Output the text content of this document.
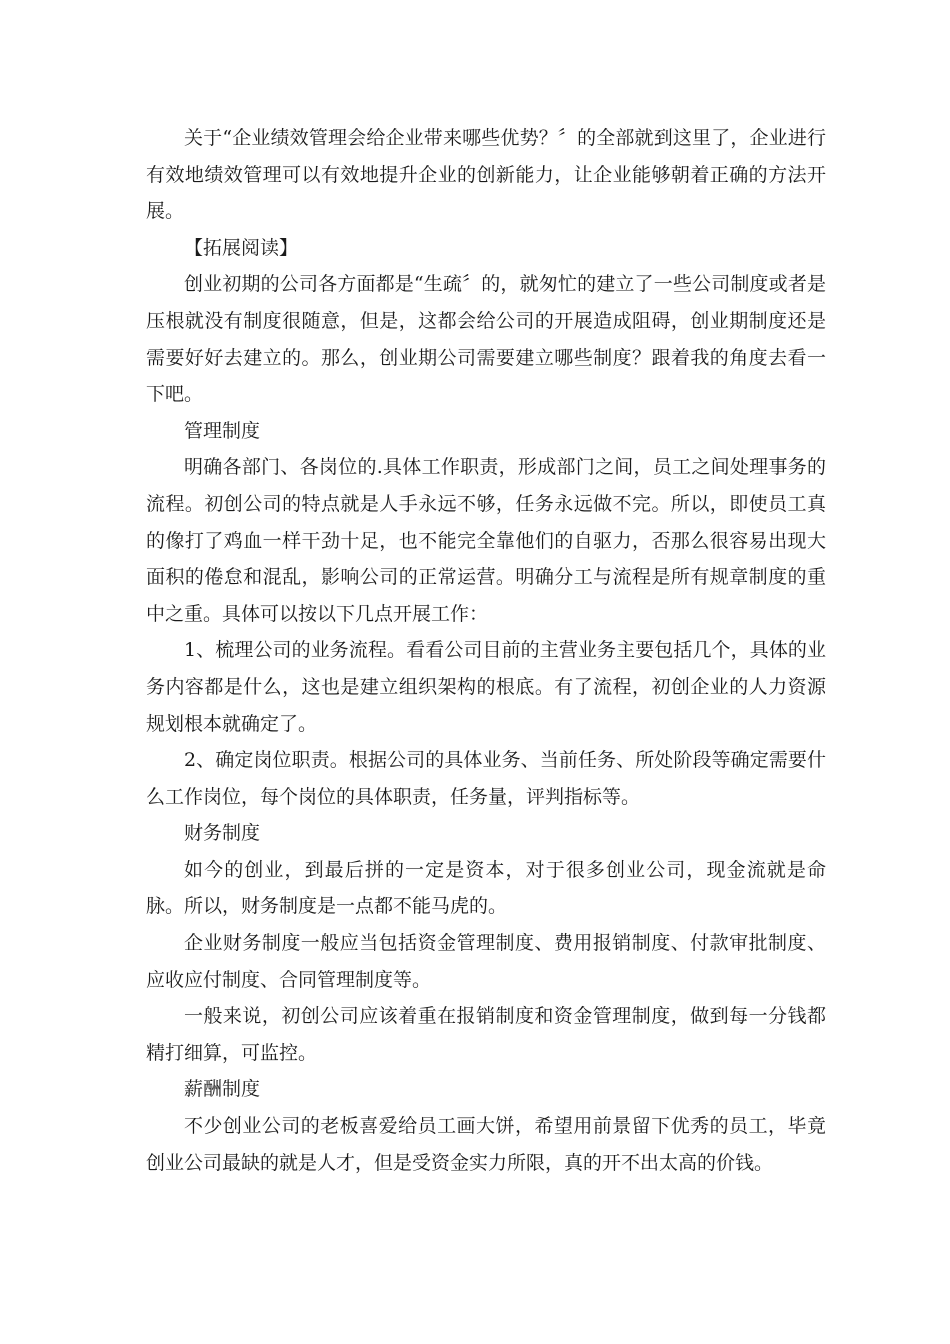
关于“企业绩效管理会给企业带来哪些优势？〞的全部就到这里了，企业进行有效地绩效管理可以有效地提升企业的创新能力，让企业能够朝着正确的方法开展。

【拓展阅读】

创业初期的公司各方面都是“生疏〞的，就匆忙的建立了一些公司制度或者是压根就没有制度很随意，但是，这都会给公司的开展造成阻碍，创业期制度还是需要好好去建立的。那么，创业期公司需要建立哪些制度？跟着我的角度去看一下吧。

管理制度

明确各部门、各岗位的.具体工作职责，形成部门之间，员工之间处理事务的流程。初创公司的特点就是人手永远不够，任务永远做不完。所以，即使员工真的像打了鸡血一样干劲十足，也不能完全靠他们的自驱力，否那么很容易出现大面积的倦怠和混乱，影响公司的正常运营。明确分工与流程是所有规章制度的重中之重。具体可以按以下几点开展工作：

1、梳理公司的业务流程。看看公司目前的主营业务主要包括几个，具体的业务内容都是什么，这也是建立组织架构的根底。有了流程，初创企业的人力资源规划根本就确定了。

2、确定岗位职责。根据公司的具体业务、当前任务、所处阶段等确定需要什么工作岗位，每个岗位的具体职责，任务量，评判指标等。

财务制度

如今的创业，到最后拼的一定是资本，对于很多创业公司，现金流就是命脉。所以，财务制度是一点都不能马虎的。

企业财务制度一般应当包括资金管理制度、费用报销制度、付款审批制度、应收应付制度、合同管理制度等。

一般来说，初创公司应该着重在报销制度和资金管理制度，做到每一分钱都精打细算，可监控。

薪酬制度

不少创业公司的老板喜爱给员工画大饼，希望用前景留下优秀的员工，毕竟创业公司最缺的就是人才，但是受资金实力所限，真的开不出太高的价钱。
